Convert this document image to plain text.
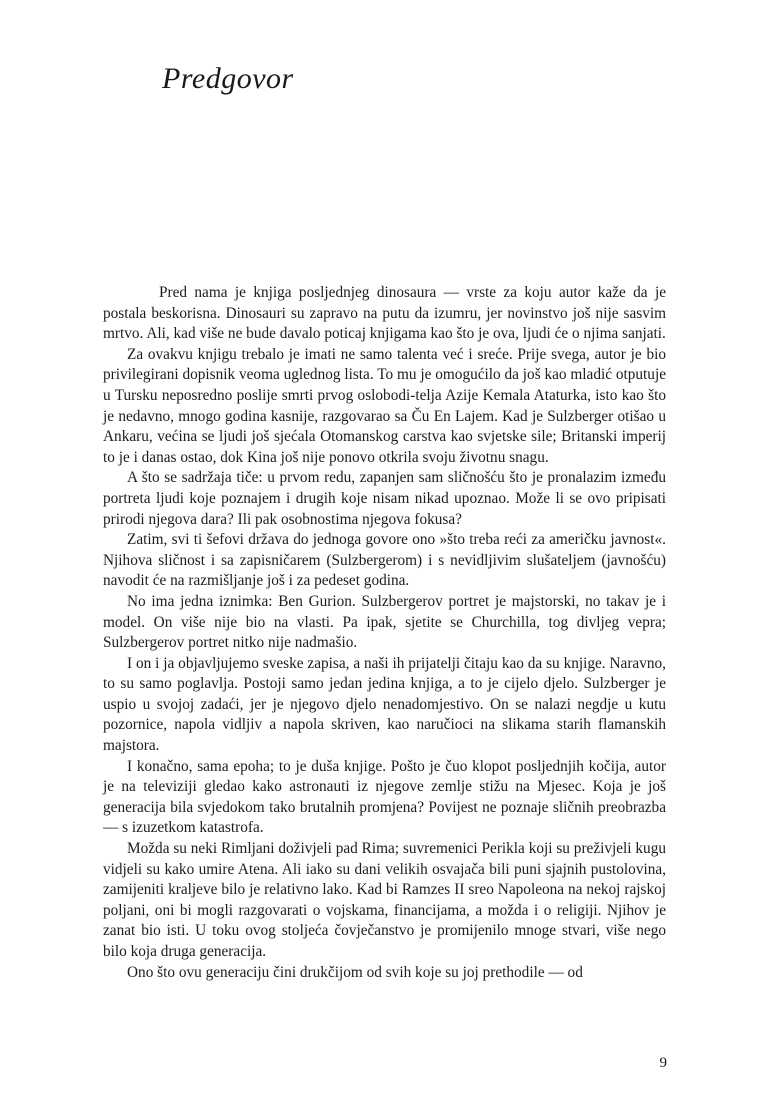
Predgovor

Pred nama je knjiga posljednjeg dinosaura — vrste za koju autor kaže da je postala beskorisna. Dinosauri su zapravo na putu da izumru, jer novinstvo još nije sasvim mrtvo. Ali, kad više ne bude davalo poticaj knjigama kao što je ova, ljudi će o njima sanjati.

Za ovakvu knjigu trebalo je imati ne samo talenta već i sreće. Prije svega, autor je bio privilegirani dopisnik veoma uglednog lista. To mu je omogućilo da još kao mladić otputuje u Tursku neposredno poslije smrti prvog oslobodi-telja Azije Kemala Ataturka, isto kao što je nedavno, mnogo godina kasnije, razgovarao sa Ču En Lajem. Kad je Sulzberger otišao u Ankaru, većina se ljudi još sjećala Otomanskog carstva kao svjetske sile; Britanski imperij to je i danas ostao, dok Kina još nije ponovo otkrila svoju životnu snagu.

A što se sadržaja tiče: u prvom redu, zapanjen sam sličnošću što je pronalazim između portreta ljudi koje poznajem i drugih koje nisam nikad upoznao. Može li se ovo pripisati prirodi njegova dara? Ili pak osobnostima njegova fokusa?

Zatim, svi ti šefovi država do jednoga govore ono »što treba reći za američku javnost«. Njihova sličnost i sa zapisničarem (Sulzbergerom) i s nevidljivim slušateljem (javnošću) navodit će na razmišljanje još i za pedeset godina.

No ima jedna iznimka: Ben Gurion. Sulzbergerov portret je majstorski, no takav je i model. On više nije bio na vlasti. Pa ipak, sjetite se Churchilla, tog divljeg vepra; Sulzbergerov portret nitko nije nadmašio.

I on i ja objavljujemo sveske zapisa, a naši ih prijatelji čitaju kao da su knjige. Naravno, to su samo poglavlja. Postoji samo jedan jedina knjiga, a to je cijelo djelo. Sulzberger je uspio u svojoj zadaći, jer je njegovo djelo nenadomjestivo. On se nalazi negdje u kutu pozornice, napola vidljiv a napola skriven, kao naručioci na slikama starih flamanskih majstora.

I konačno, sama epoha; to je duša knjige. Pošto je čuo klopot posljednjih kočija, autor je na televiziji gledao kako astronauti iz njegove zemlje stižu na Mjesec. Koja je još generacija bila svjedokom tako brutalnih promjena? Povijest ne poznaje sličnih preobrazba — s izuzetkom katastrofa.

Možda su neki Rimljani doživjeli pad Rima; suvremenici Perikla koji su preživjeli kugu vidjeli su kako umire Atena. Ali iako su dani velikih osvajača bili puni sjajnih pustolovina, zamijeniti kraljeve bilo je relativno lako. Kad bi Ramzes II sreo Napoleona na nekoj rajskoj poljani, oni bi mogli razgovarati o vojskama, financijama, a možda i o religiji. Njihov je zanat bio isti. U toku ovog stoljeća čovječanstvo je promijenilo mnoge stvari, više nego bilo koja druga generacija.

Ono što ovu generaciju čini drukčijom od svih koje su joj prethodile — od

9
